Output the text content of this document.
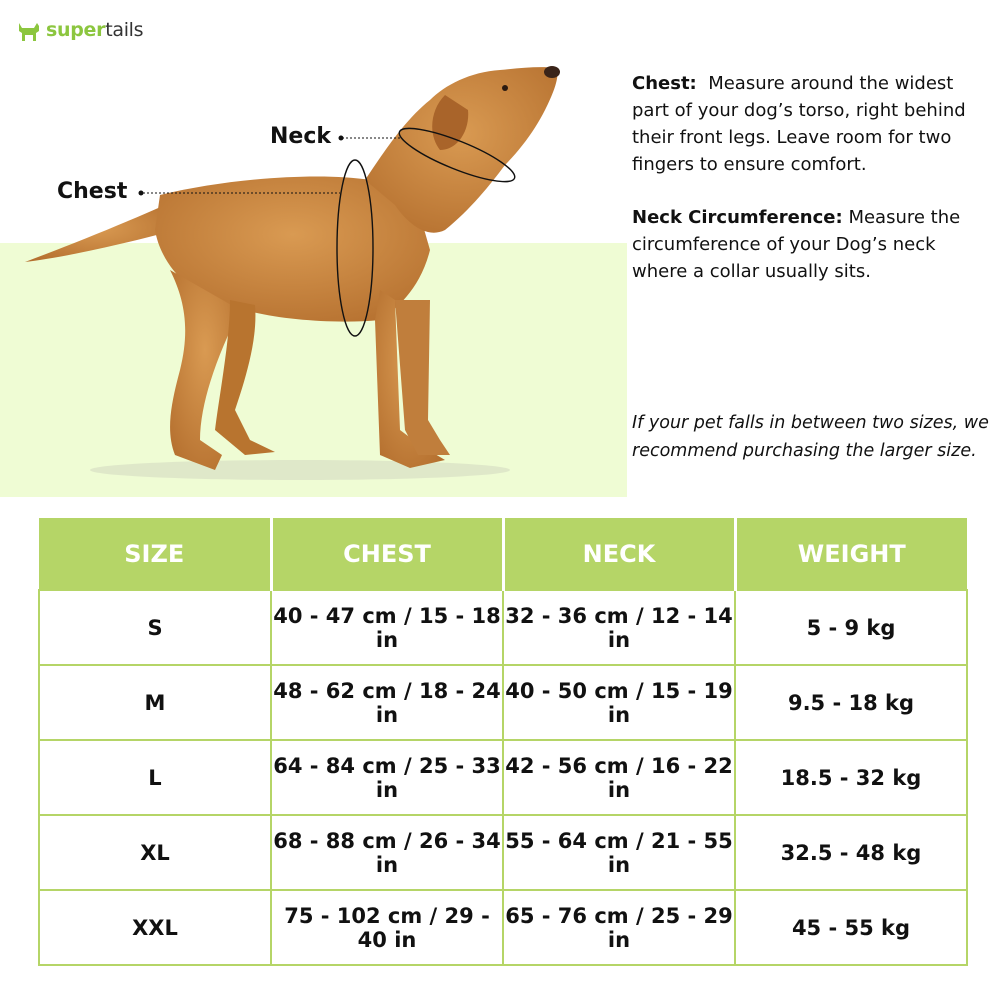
supertails
Neck
Chest
Chest: Measure around the widest part of your dog’s torso, right behind their front legs. Leave room for two fingers to ensure comfort.
Neck Circumference: Measure the circumference of your Dog’s neck where a collar usually sits.
If your pet falls in between two sizes, we recommend purchasing the larger size.
SIZE	CHEST	NECK	WEIGHT
S	40 - 47 cm / 15 - 18 in	32 - 36 cm / 12 - 14 in	5 - 9 kg
M	48 - 62 cm / 18 - 24 in	40 - 50 cm / 15 - 19 in	9.5 - 18 kg
L	64 - 84 cm / 25 - 33 in	42 - 56 cm / 16 - 22 in	18.5 - 32 kg
XL	68 - 88 cm / 26 - 34 in	55 - 64 cm / 21 - 55 in	32.5 - 48 kg
XXL	75 - 102 cm / 29 - 40 in	65 - 76 cm / 25 - 29 in	45 - 55 kg
